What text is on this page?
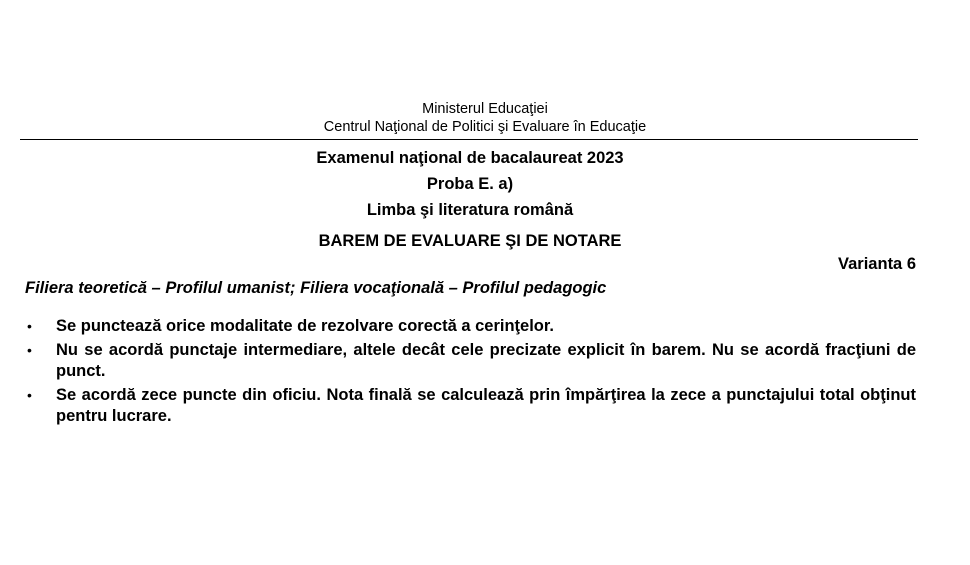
Ministerul Educaţiei
Centrul Naţional de Politici şi Evaluare în Educaţie
Examenul naţional de bacalaureat 2023
Proba E. a)
Limba şi literatura română
BAREM DE EVALUARE ŞI DE NOTARE
Varianta 6
Filiera teoretică – Profilul umanist; Filiera vocaţională – Profilul pedagogic
• Se punctează orice modalitate de rezolvare corectă a cerinţelor.
• Nu se acordă punctaje intermediare, altele decât cele precizate explicit în barem. Nu se acordă fracţiuni de punct.
• Se acordă zece puncte din oficiu. Nota finală se calculează prin împărţirea la zece a punctajului total obţinut pentru lucrare.
